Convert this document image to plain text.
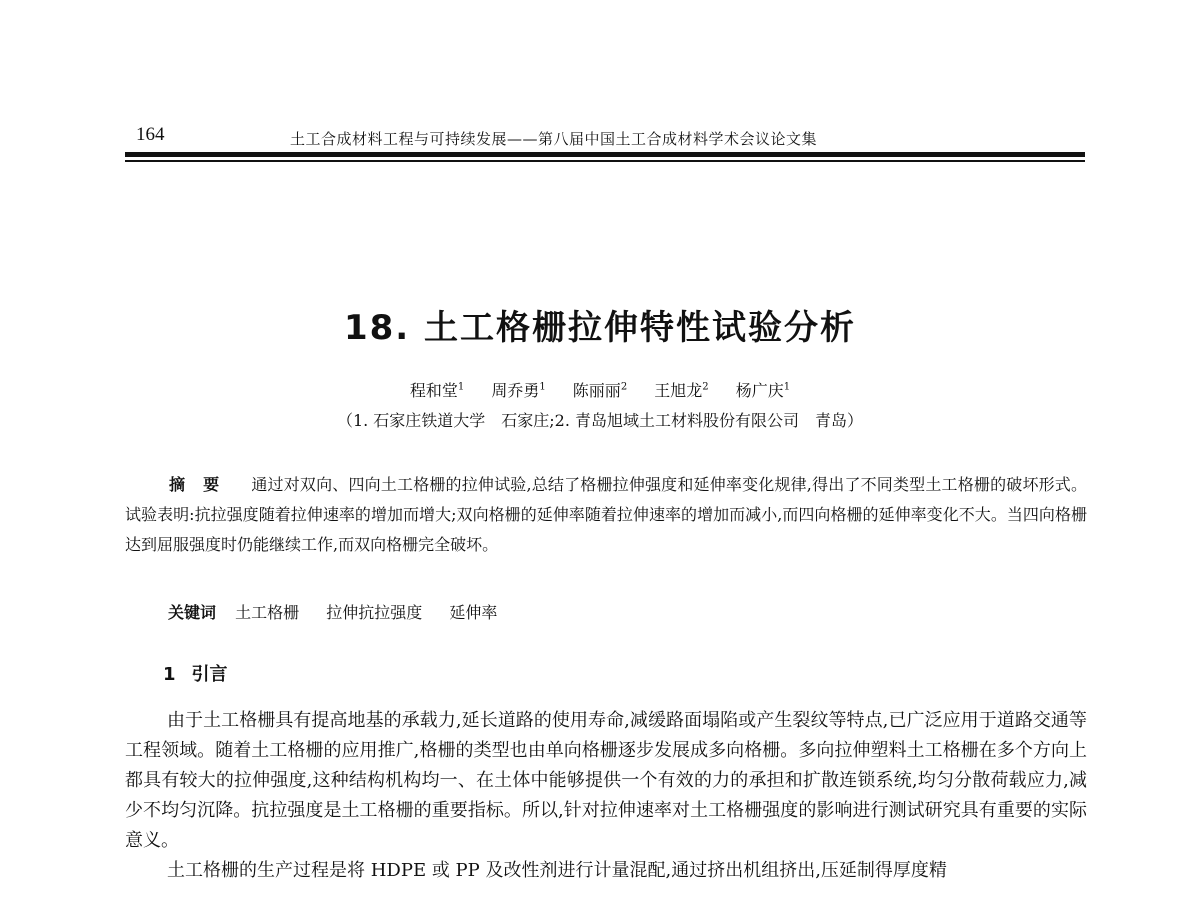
164	土工合成材料工程与可持续发展——第八届中国土工合成材料学术会议论文集
18. 土工格栅拉伸特性试验分析
程和堂$^1$ 周乔勇$^1$ 陈丽丽$^2$ 王旭龙$^2$ 杨广庆$^1$
（1. 石家庄铁道大学　石家庄;2. 青岛旭域土工材料股份有限公司　青岛）
摘要 通过对双向、四向土工格栅的拉伸试验,总结了格栅拉伸强度和延伸率变化规律,得出了不同类型土工格栅的破坏形式。试验表明:抗拉强度随着拉伸速率的增加而增大;双向格栅的延伸率随着拉伸速率的增加而减小,而四向格栅的延伸率变化不大。当四向格栅达到屈服强度时仍能继续工作,而双向格栅完全破坏。
关键词 土工格栅 拉伸抗拉强度 延伸率
1 引言

由于土工格栅具有提高地基的承载力,延长道路的使用寿命,减缓路面塌陷或产生裂纹等特点,已广泛应用于道路交通等工程领域。随着土工格栅的应用推广,格栅的类型也由单向格栅逐步发展成多向格栅。多向拉伸塑料土工格栅在多个方向上都具有较大的拉伸强度,这种结构机构均一、在土体中能够提供一个有效的力的承担和扩散连锁系统,均匀分散荷载应力,减少不均匀沉降。抗拉强度是土工格栅的重要指标。所以,针对拉伸速率对土工格栅强度的影响进行测试研究具有重要的实际意义。

土工格栅的生产过程是将 HDPE 或 PP 及改性剂进行计量混配,通过挤出机组挤出,压延制得厚度精
